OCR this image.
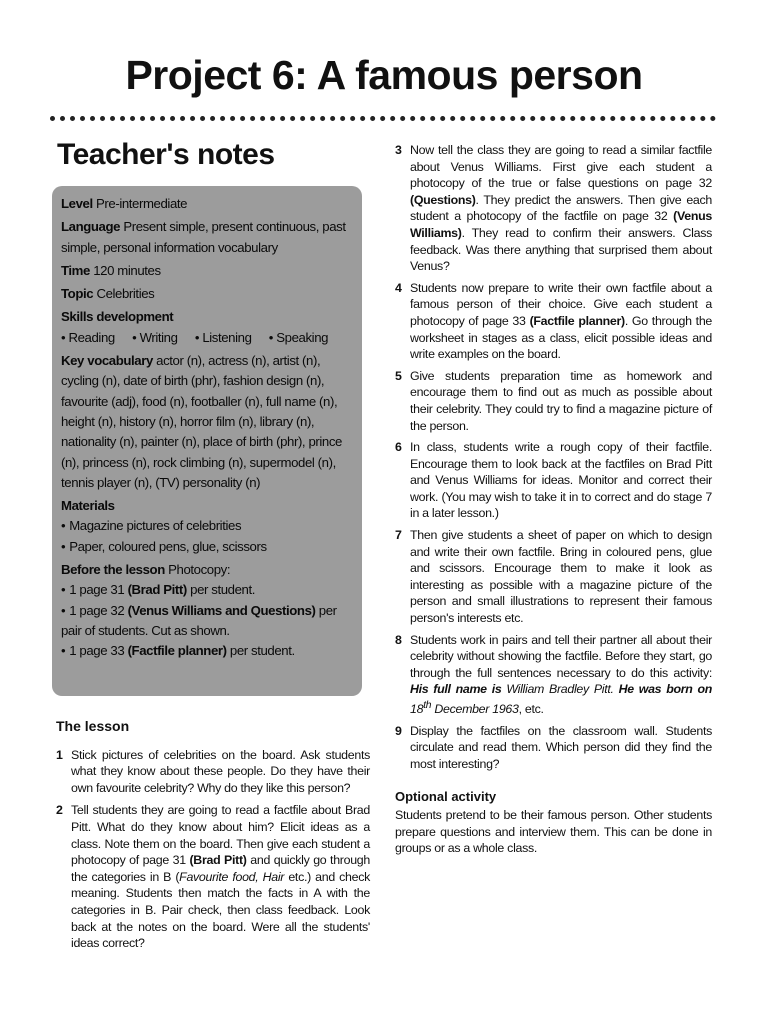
Project 6: A famous person
Teacher's notes

Level Pre-intermediate

Language Present simple, present continuous, past simple, personal information vocabulary

Time 120 minutes

Topic Celebrities

Skills development

• Reading • Writing • Listening • Speaking

Key vocabulary actor (n), actress (n), artist (n), cycling (n), date of birth (phr), fashion design (n), favourite (adj), food (n), footballer (n), full name (n), height (n), history (n), horror film (n), library (n), nationality (n), painter (n), place of birth (phr), prince (n), princess (n), rock climbing (n), supermodel (n), tennis player (n), (TV) personality (n)

Materials

• Magazine pictures of celebrities
• Paper, coloured pens, glue, scissors

Before the lesson Photocopy:

• 1 page 31 (Brad Pitt) per student.
• 1 page 32 (Venus Williams and Questions) per pair of students. Cut as shown.
• 1 page 33 (Factfile planner) per student.
The lesson
1 Stick pictures of celebrities on the board. Ask students what they know about these people. Do they have their own favourite celebrity? Why do they like this person?
2 Tell students they are going to read a factfile about Brad Pitt. What do they know about him? Elicit ideas as a class. Note them on the board. Then give each student a photocopy of page 31 (Brad Pitt) and quickly go through the categories in B (Favourite food, Hair etc.) and check meaning. Students then match the facts in A with the categories in B. Pair check, then class feedback. Look back at the notes on the board. Were all the students' ideas correct?
3 Now tell the class they are going to read a similar factfile about Venus Williams. First give each student a photocopy of the true or false questions on page 32 (Questions). They predict the answers. Then give each student a photocopy of the factfile on page 32 (Venus Williams). They read to confirm their answers. Class feedback. Was there anything that surprised them about Venus?
4 Students now prepare to write their own factfile about a famous person of their choice. Give each student a photocopy of page 33 (Factfile planner). Go through the worksheet in stages as a class, elicit possible ideas and write examples on the board.
5 Give students preparation time as homework and encourage them to find out as much as possible about their celebrity. They could try to find a magazine picture of the person.
6 In class, students write a rough copy of their factfile. Encourage them to look back at the factfiles on Brad Pitt and Venus Williams for ideas. Monitor and correct their work. (You may wish to take it in to correct and do stage 7 in a later lesson.)
7 Then give students a sheet of paper on which to design and write their own factfile. Bring in coloured pens, glue and scissors. Encourage them to make it look as interesting as possible with a magazine picture of the person and small illustrations to represent their famous person's interests etc.
8 Students work in pairs and tell their partner all about their celebrity without showing the factfile. Before they start, go through the full sentences necessary to do this activity: His full name is William Bradley Pitt. He was born on 18th December 1963, etc.
9 Display the factfiles on the classroom wall. Students circulate and read them. Which person did they find the most interesting?
Optional activity

Students pretend to be their famous person. Other students prepare questions and interview them. This can be done in groups or as a whole class.
